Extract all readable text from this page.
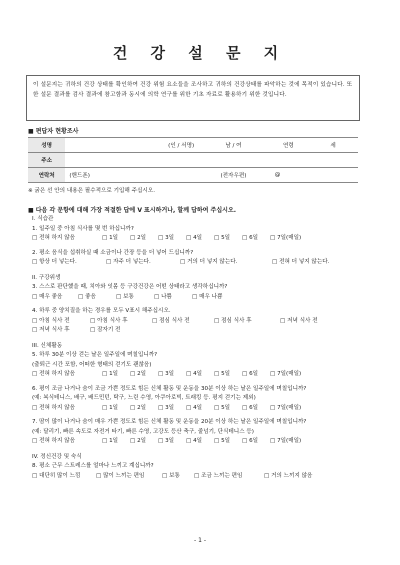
건 강 설 문 지
이 설문지는 귀하의 건강 상태를 확인하여 건강 위험 요소들을 조사하고 귀하의 건강상태를 파악하는 것에 목적이 있습니다. 또한 설문 결과를 검사 결과에 참고함과 동시에 의학 연구를 위한 기초 자료로 활용하기 위한 것입니다.
■ 편답자 현황조사
성명	(인 / 서명)	남 / 여	연령	세
주소				
연락처	(핸드폰)	(전자우편)	@	
※ 굵은 선 안의 내용은 필수적으로 기입해 주십시오.
■ 다음 각 문항에 대해 가장 적절한 답에 V 표시하거나, 할께 답하여 주십시오.
I. 식습관
1. 일주일 중 아침 식사를 몇 번 하십니까?
□ 전혀 하지 않음	□ 1일 □ 2일 □ 3일 □ 4일 □ 5일 □ 6일 □ 7일(매일)
2. 평소 음식을 섭취하실 때 소금이나 간장 등을 더 넣어 드십니까?
□ 항상 더 넣는다.	□ 자주 더 넣는다.	□ 거의 더 넣지 않는다.	□ 전혀 더 넣지 않는다.
II. 구강위생
3. 스스로 판단했을 때, 치아와 잇몸 등 구강건강은 어떤 상태라고 생각하십니까?
□ 매우 좋음	□ 좋음	□ 보통	□ 나쁨	□ 매우 나쁨
4. 하루 중 양치질을 하는 경우를 모두 V표시 해주십시오.
□ 아침 식사 전	□ 아침 식사 후	□ 점심 식사 전	□ 점심 식사 후	□ 저녁 식사 전
□ 저녁 식사 후	□ 잠자기 전
III. 신체활동
5. 하루 30분 이상 걷는 날은 일주일에 며칠입니까?
(출퇴근 시간 포함, 어떠한 형태의 걷기도 괜찮음)
□ 전혀 하지 않음	□ 1일 □ 2일 □ 3일 □ 4일 □ 5일 □ 6일 □ 7일(매일)
6. 평이 조금 나거나 숨이 조금 가쁜 정도로 힘든 신체 활동 및 운동을 30분 이상 하는 날은 일주일에 며칠입니까?
(예: 복식테니스, 배구, 배드민턴, 탁구, 느린 수영, 아쿠아로빅, 트래킹 등. 평지 걷기는 제외)
□ 전혀 하지 않음	□ 1일 □ 2일 □ 3일 □ 4일 □ 5일 □ 6일 □ 7일(매일)
7. 땀이 많이 나거나 숨이 매우 가쁜 정도로 힘든 신체 활동 및 운동을 20분 이상 하는 날은 일주일에 며칠입니까?
(예: 달리기, 빠른 속도로 자전거 타기, 빠른 수영, 고강도 등산 축구, 줄넘기, 단식테니스 등)
□ 전혀 하지 않음	□ 1일 □ 2일 □ 3일 □ 4일 □ 5일 □ 6일 □ 7일(매일)
IV. 정신건강 및 숙식
8. 평소 근무 스트레스를 얼마나 느끼고 계십니까?
□ 대단히 많이 느낌	□ 많이 느끼는 편임	□ 보통	□ 조금 느끼는 편임	□ 거의 느끼지 않음
- 1 -
